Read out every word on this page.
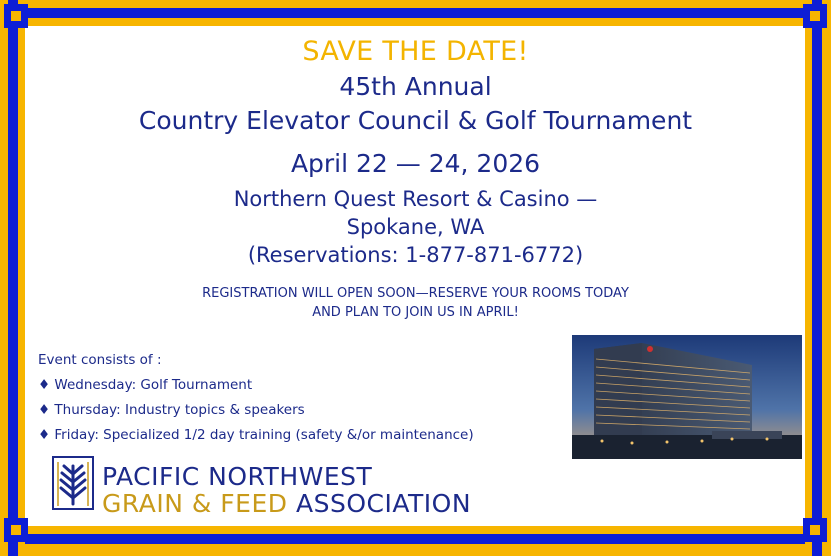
SAVE THE DATE!
45th Annual
Country Elevator Council & Golf Tournament
April 22 — 24, 2026
Northern Quest Resort & Casino —
Spokane, WA
(Reservations: 1-877-871-6772)
REGISTRATION WILL OPEN SOON—RESERVE YOUR ROOMS TODAY
AND PLAN TO JOIN US IN APRIL!
Event consists of :
♦ Wednesday: Golf Tournament
♦ Thursday: Industry topics & speakers
♦ Friday: Specialized 1/2 day training (safety &/or maintenance)
PACIFIC NORTHWEST
GRAIN & FEED ASSOCIATION
